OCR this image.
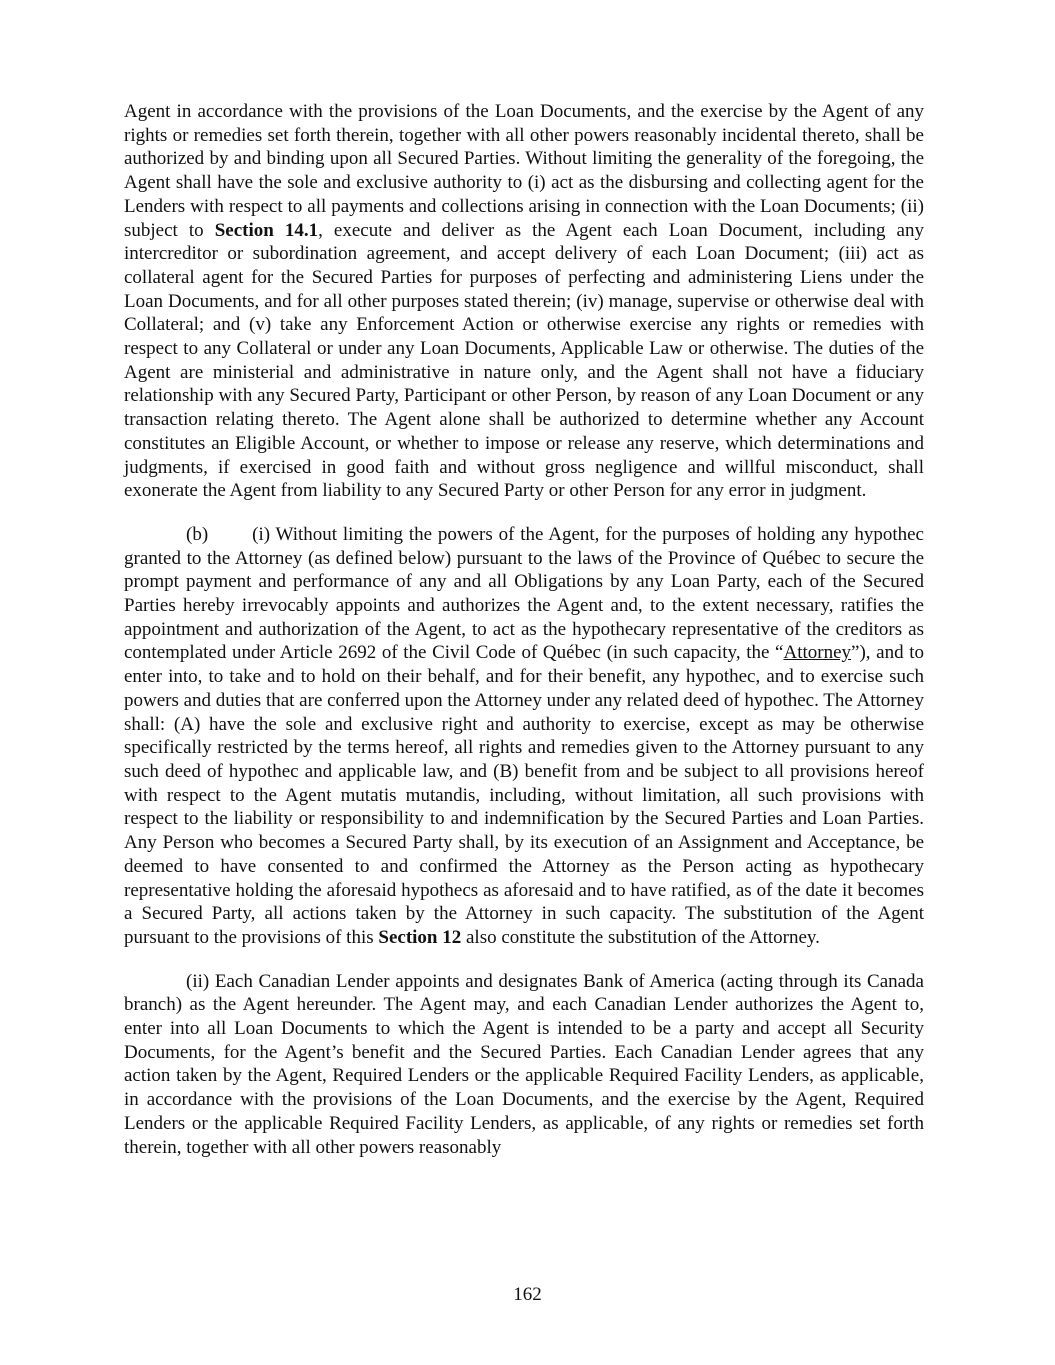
Agent in accordance with the provisions of the Loan Documents, and the exercise by the Agent of any rights or remedies set forth therein, together with all other powers reasonably incidental thereto, shall be authorized by and binding upon all Secured Parties. Without limiting the generality of the foregoing, the Agent shall have the sole and exclusive authority to (i) act as the disbursing and collecting agent for the Lenders with respect to all payments and collections arising in connection with the Loan Documents; (ii) subject to Section 14.1, execute and deliver as the Agent each Loan Document, including any intercreditor or subordination agreement, and accept delivery of each Loan Document; (iii) act as collateral agent for the Secured Parties for purposes of perfecting and administering Liens under the Loan Documents, and for all other purposes stated therein; (iv) manage, supervise or otherwise deal with Collateral; and (v) take any Enforcement Action or otherwise exercise any rights or remedies with respect to any Collateral or under any Loan Documents, Applicable Law or otherwise. The duties of the Agent are ministerial and administrative in nature only, and the Agent shall not have a fiduciary relationship with any Secured Party, Participant or other Person, by reason of any Loan Document or any transaction relating thereto. The Agent alone shall be authorized to determine whether any Account constitutes an Eligible Account, or whether to impose or release any reserve, which determinations and judgments, if exercised in good faith and without gross negligence and willful misconduct, shall exonerate the Agent from liability to any Secured Party or other Person for any error in judgment.

(b) (i) Without limiting the powers of the Agent, for the purposes of holding any hypothec granted to the Attorney (as defined below) pursuant to the laws of the Province of Québec to secure the prompt payment and performance of any and all Obligations by any Loan Party, each of the Secured Parties hereby irrevocably appoints and authorizes the Agent and, to the extent necessary, ratifies the appointment and authorization of the Agent, to act as the hypothecary representative of the creditors as contemplated under Article 2692 of the Civil Code of Québec (in such capacity, the “Attorney”), and to enter into, to take and to hold on their behalf, and for their benefit, any hypothec, and to exercise such powers and duties that are conferred upon the Attorney under any related deed of hypothec. The Attorney shall: (A) have the sole and exclusive right and authority to exercise, except as may be otherwise specifically restricted by the terms hereof, all rights and remedies given to the Attorney pursuant to any such deed of hypothec and applicable law, and (B) benefit from and be subject to all provisions hereof with respect to the Agent mutatis mutandis, including, without limitation, all such provisions with respect to the liability or responsibility to and indemnification by the Secured Parties and Loan Parties. Any Person who becomes a Secured Party shall, by its execution of an Assignment and Acceptance, be deemed to have consented to and confirmed the Attorney as the Person acting as hypothecary representative holding the aforesaid hypothecs as aforesaid and to have ratified, as of the date it becomes a Secured Party, all actions taken by the Attorney in such capacity. The substitution of the Agent pursuant to the provisions of this Section 12 also constitute the substitution of the Attorney.

(ii) Each Canadian Lender appoints and designates Bank of America (acting through its Canada branch) as the Agent hereunder. The Agent may, and each Canadian Lender authorizes the Agent to, enter into all Loan Documents to which the Agent is intended to be a party and accept all Security Documents, for the Agent’s benefit and the Secured Parties. Each Canadian Lender agrees that any action taken by the Agent, Required Lenders or the applicable Required Facility Lenders, as applicable, in accordance with the provisions of the Loan Documents, and the exercise by the Agent, Required Lenders or the applicable Required Facility Lenders, as applicable, of any rights or remedies set forth therein, together with all other powers reasonably

162
